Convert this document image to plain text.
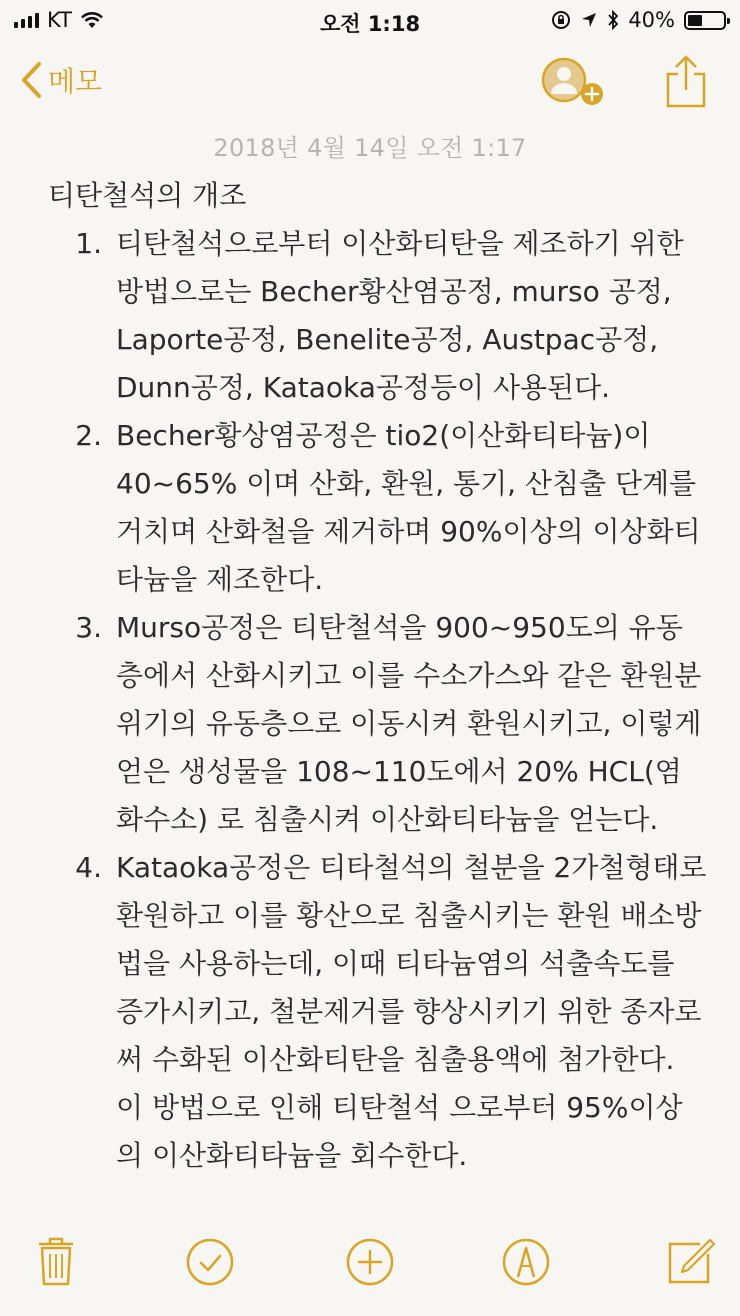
KT	오전 1:18	40%
메모
2018년 4월 14일 오전 1:17
티탄철석의 개조
1. 티탄철석으로부터 이산화티탄을 제조하기 위한 방법으로는 Becher황산염공정, murso 공정, Laporte공정, Benelite공정, Austpac공정, Dunn공정, Kataoka공정등이 사용된다.
2. Becher황상염공정은 tio2(이산화티타늄)이 40~65% 이며 산화, 환원, 통기, 산침출 단계를 거치며 산화철을 제거하며 90%이상의 이상화티타늄을 제조한다.
3. Murso공정은 티탄철석을 900~950도의 유동층에서 산화시키고 이를 수소가스와 같은 환원분위기의 유동층으로 이동시켜 환원시키고, 이렇게 얻은 생성물을 108~110도에서 20% HCL(염화수소) 로 침출시켜 이산화티타늄을 얻는다.
4. Kataoka공정은 티타철석의 철분을 2가철형태로 환원하고 이를 황산으로 침출시키는 환원 배소방법을 사용하는데, 이때 티타늄염의 석출속도를 증가시키고, 철분제거를 향상시키기 위한 종자로써 수화된 이산화티탄을 침출용액에 첨가한다. 이 방법으로 인해 티탄철석 으로부터 95%이상의 이산화티타늄을 회수한다.
